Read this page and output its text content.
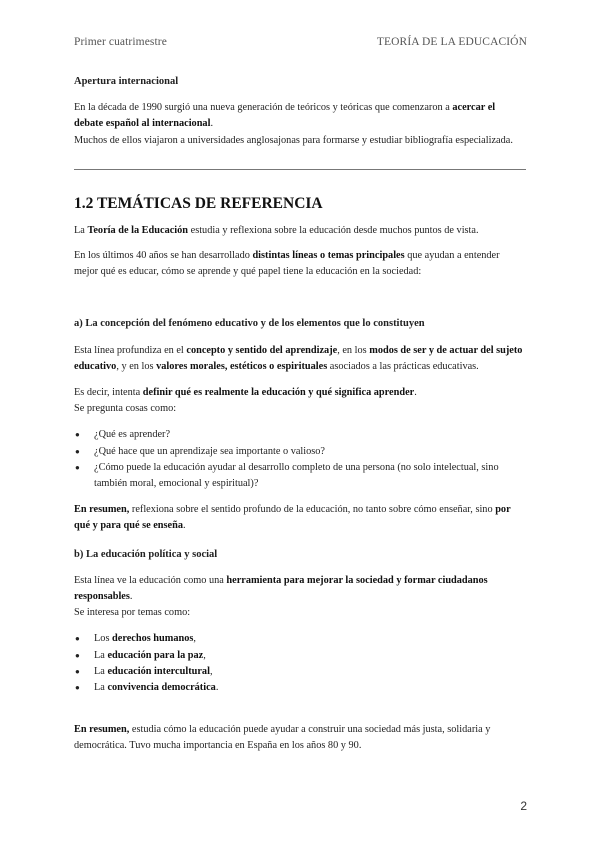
Primer cuatrimestre	TEORÍA DE LA EDUCACIÓN

Apertura internacional

En la década de 1990 surgió una nueva generación de teóricos y teóricas que comenzaron a acercar el debate español al internacional.

Muchos de ellos viajaron a universidades anglosajonas para formarse y estudiar bibliografía especializada.

1.2 TEMÁTICAS DE REFERENCIA

La Teoría de la Educación estudia y reflexiona sobre la educación desde muchos puntos de vista.

En los últimos 40 años se han desarrollado distintas líneas o temas principales que ayudan a entender mejor qué es educar, cómo se aprende y qué papel tiene la educación en la sociedad:

a) La concepción del fenómeno educativo y de los elementos que lo constituyen

Esta línea profundiza en el concepto y sentido del aprendizaje, en los modos de ser y de actuar del sujeto educativo, y en los valores morales, estéticos o espirituales asociados a las prácticas educativas.

Es decir, intenta definir qué es realmente la educación y qué significa aprender.

Se pregunta cosas como:

● ¿Qué es aprender?
● ¿Qué hace que un aprendizaje sea importante o valioso?
● ¿Cómo puede la educación ayudar al desarrollo completo de una persona (no solo intelectual, sino también moral, emocional y espiritual)?

En resumen, reflexiona sobre el sentido profundo de la educación, no tanto sobre cómo enseñar, sino por qué y para qué se enseña.

b) La educación política y social

Esta línea ve la educación como una herramienta para mejorar la sociedad y formar ciudadanos responsables.

Se interesa por temas como:

● Los derechos humanos,
● La educación para la paz,
● La educación intercultural,
● La convivencia democrática.

En resumen, estudia cómo la educación puede ayudar a construir una sociedad más justa, solidaria y democrática. Tuvo mucha importancia en España en los años 80 y 90.

2
